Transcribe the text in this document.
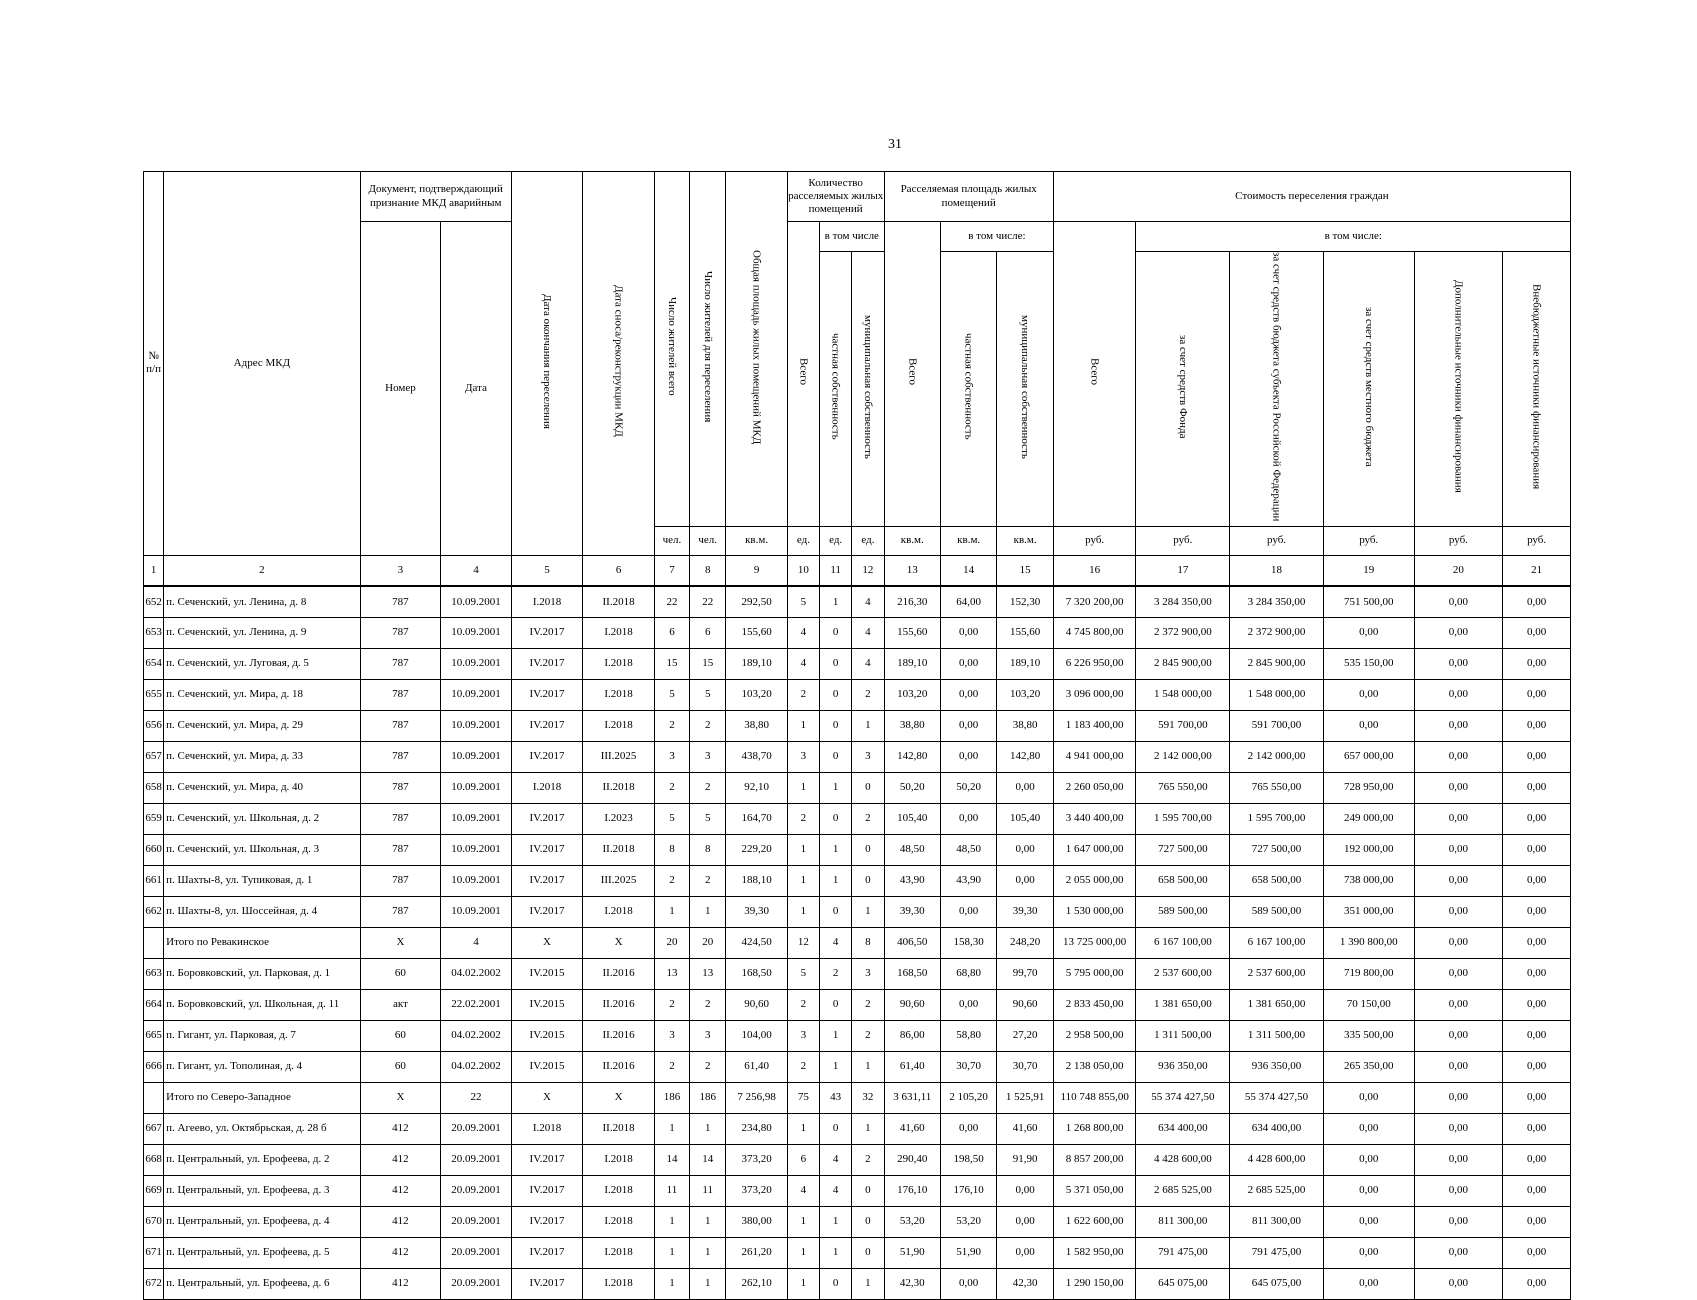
31
№ п/п	Адрес МКД	Документ, подтверждающий признание МКД аварийным		Дата окончания переселения	Дата сноса/реконструкции МКД	Число жителей всего	Число жителей для переселения	Общая площадь жилых помещений МКД	Количество расселяемых жилых помещений			Расселяемая площадь жилых помещений			Стоимость переселения граждан					
		Номер	Дата						Всего	в том числе		Всего	в том числе:		Всего	в том числе:				
										частная собственность	муниципальная собственность		частная собственность	муниципальная собственность		за счет средств Фонда	за счет средств бюджета субъекта Российской Федерации	за счет средств местного бюджета	Дополнительные источники финансирования	Внебюджетные источники финансирования
						чел.	чел.	кв.м.	ед.	ед.	ед.	кв.м.	кв.м.	кв.м.	руб.	руб.	руб.	руб.	руб.	руб.
1	2	3	4	5	6	7	8	9	10	11	12	13	14	15	16	17	18	19	20	21
652	п. Сеченский, ул. Ленина, д. 8	787	10.09.2001	I.2018	II.2018	22	22	292,50	5	1	4	216,30	64,00	152,30	7 320 200,00	3 284 350,00	3 284 350,00	751 500,00	0,00	0,00
653	п. Сеченский, ул. Ленина, д. 9	787	10.09.2001	IV.2017	I.2018	6	6	155,60	4	0	4	155,60	0,00	155,60	4 745 800,00	2 372 900,00	2 372 900,00	0,00	0,00	0,00
654	п. Сеченский, ул. Луговая, д. 5	787	10.09.2001	IV.2017	I.2018	15	15	189,10	4	0	4	189,10	0,00	189,10	6 226 950,00	2 845 900,00	2 845 900,00	535 150,00	0,00	0,00
655	п. Сеченский, ул. Мира, д. 18	787	10.09.2001	IV.2017	I.2018	5	5	103,20	2	0	2	103,20	0,00	103,20	3 096 000,00	1 548 000,00	1 548 000,00	0,00	0,00	0,00
656	п. Сеченский, ул. Мира, д. 29	787	10.09.2001	IV.2017	I.2018	2	2	38,80	1	0	1	38,80	0,00	38,80	1 183 400,00	591 700,00	591 700,00	0,00	0,00	0,00
657	п. Сеченский, ул. Мира, д. 33	787	10.09.2001	IV.2017	III.2025	3	3	438,70	3	0	3	142,80	0,00	142,80	4 941 000,00	2 142 000,00	2 142 000,00	657 000,00	0,00	0,00
658	п. Сеченский, ул. Мира, д. 40	787	10.09.2001	I.2018	II.2018	2	2	92,10	1	1	0	50,20	50,20	0,00	2 260 050,00	765 550,00	765 550,00	728 950,00	0,00	0,00
659	п. Сеченский, ул. Школьная, д. 2	787	10.09.2001	IV.2017	I.2023	5	5	164,70	2	0	2	105,40	0,00	105,40	3 440 400,00	1 595 700,00	1 595 700,00	249 000,00	0,00	0,00
660	п. Сеченский, ул. Школьная, д. 3	787	10.09.2001	IV.2017	II.2018	8	8	229,20	1	1	0	48,50	48,50	0,00	1 647 000,00	727 500,00	727 500,00	192 000,00	0,00	0,00
661	п. Шахты-8, ул. Тупиковая, д. 1	787	10.09.2001	IV.2017	III.2025	2	2	188,10	1	1	0	43,90	43,90	0,00	2 055 000,00	658 500,00	658 500,00	738 000,00	0,00	0,00
662	п. Шахты-8, ул. Шоссейная, д. 4	787	10.09.2001	IV.2017	I.2018	1	1	39,30	1	0	1	39,30	0,00	39,30	1 530 000,00	589 500,00	589 500,00	351 000,00	0,00	0,00
	Итого по Ревакинское	X	4	X	X	20	20	424,50	12	4	8	406,50	158,30	248,20	13 725 000,00	6 167 100,00	6 167 100,00	1 390 800,00	0,00	0,00
663	п. Боровковский, ул. Парковая, д. 1	60	04.02.2002	IV.2015	II.2016	13	13	168,50	5	2	3	168,50	68,80	99,70	5 795 000,00	2 537 600,00	2 537 600,00	719 800,00	0,00	0,00
664	п. Боровковский, ул. Школьная, д. 11	акт	22.02.2001	IV.2015	II.2016	2	2	90,60	2	0	2	90,60	0,00	90,60	2 833 450,00	1 381 650,00	1 381 650,00	70 150,00	0,00	0,00
665	п. Гигант, ул. Парковая, д. 7	60	04.02.2002	IV.2015	II.2016	3	3	104,00	3	1	2	86,00	58,80	27,20	2 958 500,00	1 311 500,00	1 311 500,00	335 500,00	0,00	0,00
666	п. Гигант, ул. Тополиная, д. 4	60	04.02.2002	IV.2015	II.2016	2	2	61,40	2	1	1	61,40	30,70	30,70	2 138 050,00	936 350,00	936 350,00	265 350,00	0,00	0,00
	Итого по Северо-Западное	X	22	X	X	186	186	7 256,98	75	43	32	3 631,11	2 105,20	1 525,91	110 748 855,00	55 374 427,50	55 374 427,50	0,00	0,00	0,00
667	п. Агеево, ул. Октябрьская, д. 28 б	412	20.09.2001	I.2018	II.2018	1	1	234,80	1	0	1	41,60	0,00	41,60	1 268 800,00	634 400,00	634 400,00	0,00	0,00	0,00
668	п. Центральный, ул. Ерофеева, д. 2	412	20.09.2001	IV.2017	I.2018	14	14	373,20	6	4	2	290,40	198,50	91,90	8 857 200,00	4 428 600,00	4 428 600,00	0,00	0,00	0,00
669	п. Центральный, ул. Ерофеева, д. 3	412	20.09.2001	IV.2017	I.2018	11	11	373,20	4	4	0	176,10	176,10	0,00	5 371 050,00	2 685 525,00	2 685 525,00	0,00	0,00	0,00
670	п. Центральный, ул. Ерофеева, д. 4	412	20.09.2001	IV.2017	I.2018	1	1	380,00	1	1	0	53,20	53,20	0,00	1 622 600,00	811 300,00	811 300,00	0,00	0,00	0,00
671	п. Центральный, ул. Ерофеева, д. 5	412	20.09.2001	IV.2017	I.2018	1	1	261,20	1	1	0	51,90	51,90	0,00	1 582 950,00	791 475,00	791 475,00	0,00	0,00	0,00
672	п. Центральный, ул. Ерофеева, д. 6	412	20.09.2001	IV.2017	I.2018	1	1	262,10	1	0	1	42,30	0,00	42,30	1 290 150,00	645 075,00	645 075,00	0,00	0,00	0,00
